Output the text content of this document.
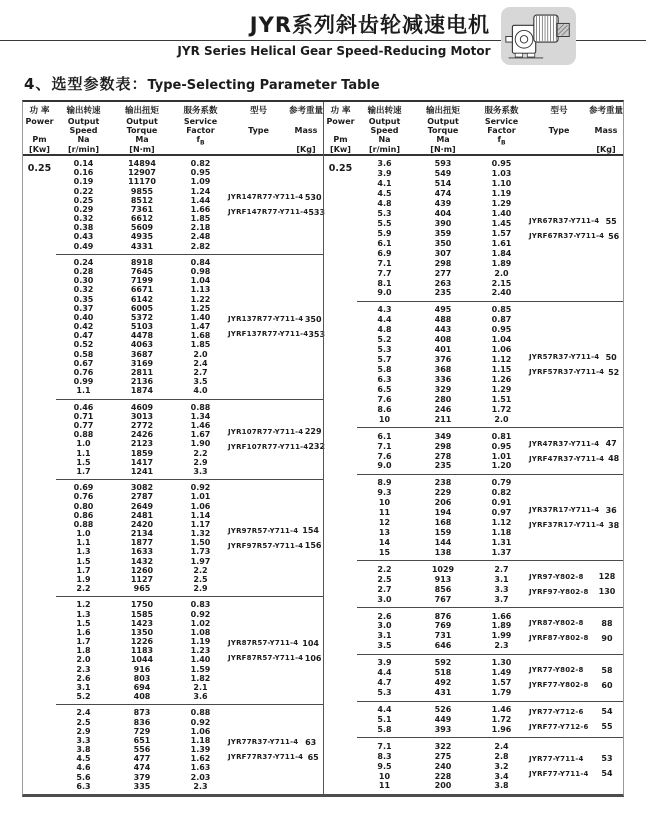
JYR系列斜齿轮减速电机
JYR Series Helical Gear Speed-Reducing Motor
4、选型参数表：Type-Selecting Parameter Table
功 率
Power
Pm
[Kw]
输出转速
Output
Speed
Na
[r/min]
输出扭矩
Output
Torque
Ma
[N·m]
服务系数
Service
Factor
$f_B$
型号
Type
参考重量
Mass
[Kg]
0.25	0.14	14894	0.82
0.16	12907	0.95
0.19	11170	1.09
0.22	9855	1.24
0.25	8512	1.44
0.29	7361	1.66
0.32	6612	1.85
0.38	5609	2.18
0.43	4935	2.48
0.49	4331	2.82
JYR147R77-Y711-4 530
JYRF147R77-Y711-4 533
0.24	8918	0.84
0.28	7645	0.98
0.30	7199	1.04
0.32	6671	1.13
0.35	6142	1.22
0.37	6005	1.25
0.40	5372	1.40
0.42	5103	1.47
0.47	4478	1.68
0.52	4063	1.85
0.58	3687	2.0
0.67	3169	2.4
0.76	2811	2.7
0.99	2136	3.5
1.1	1874	4.0
JYR137R77-Y711-4 350
JYRF137R77-Y711-4 353
0.46	4609	0.88
0.71	3013	1.34
0.77	2772	1.46
0.88	2426	1.67
1.0	2123	1.90
1.1	1859	2.2
1.5	1417	2.9
1.7	1241	3.3
JYR107R77-Y711-4 229
JYRF107R77-Y711-4 232
0.69	3082	0.92
0.76	2787	1.01
0.80	2649	1.06
0.86	2481	1.14
0.88	2420	1.17
1.0	2134	1.32
1.1	1877	1.50
1.3	1633	1.73
1.5	1432	1.97
1.7	1260	2.2
1.9	1127	2.5
2.2	965	2.9
JYR97R57-Y711-4 154
JYRF97R57-Y711-4 156
1.2	1750	0.83
1.3	1585	0.92
1.5	1423	1.02
1.6	1350	1.08
1.7	1226	1.19
1.8	1183	1.23
2.0	1044	1.40
2.3	916	1.59
2.6	803	1.82
3.1	694	2.1
5.2	408	3.6
JYR87R57-Y711-4 104
JYRF87R57-Y711-4 106
2.4	873	0.88
2.5	836	0.92
2.9	729	1.06
3.3	651	1.18
3.8	556	1.39
4.5	477	1.62
4.6	474	1.63
5.6	379	2.03
6.3	335	2.3
JYR77R37-Y711-4 63
JYRF77R37-Y711-4 65
功 率
Power
Pm
[Kw]
输出转速
Output
Speed
Na
[r/min]
输出扭矩
Output
Torque
Ma
[N·m]
服务系数
Service
Factor
$f_B$
型号
Type
参考重量
Mass
[Kg]
0.25	3.6	593	0.95
3.9	549	1.03
4.1	514	1.10
4.5	474	1.19
4.8	439	1.29
5.3	404	1.40
5.5	390	1.45
5.9	359	1.57
6.1	350	1.61
6.9	307	1.84
7.1	298	1.89
7.7	277	2.0
8.1	263	2.15
9.0	235	2.40
JYR67R37-Y711-4 55
JYRF67R37-Y711-4 56
4.3	495	0.85
4.4	488	0.87
4.8	443	0.95
5.2	408	1.04
5.3	401	1.06
5.7	376	1.12
5.8	368	1.15
6.3	336	1.26
6.5	329	1.29
7.6	280	1.51
8.6	246	1.72
10	211	2.0
JYR57R37-Y711-4 50
JYRF57R37-Y711-4 52
6.1	349	0.81
7.1	298	0.95
7.6	278	1.01
9.0	235	1.20
JYR47R37-Y711-4 47
JYRF47R37-Y711-4 48
8.9	238	0.79
9.3	229	0.82
10	206	0.91
11	194	0.97
12	168	1.12
13	159	1.18
14	144	1.31
15	138	1.37
JYR37R17-Y711-4 36
JYRF37R17-Y711-4 38
2.2	1029	2.7
2.5	913	3.1
2.7	856	3.3
3.0	767	3.7
JYR97-Y802-8	128
JYRF97-Y802-8	130
2.6	876	1.66
3.0	769	1.89
3.1	731	1.99
3.5	646	2.3
JYR87-Y802-8	88
JYRF87-Y802-8	90
3.9	592	1.30
4.4	518	1.49
4.7	492	1.57
5.3	431	1.79
JYR77-Y802-8	58
JYRF77-Y802-8	60
4.4	526	1.46
5.1	449	1.72
5.8	393	1.96
JYR77-Y712-6	54
JYRF77-Y712-6	55
7.1	322	2.4
8.3	275	2.8
9.5	240	3.2
10	228	3.4
11	200	3.8
JYR77-Y711-4	53
JYRF77-Y711-4	54
